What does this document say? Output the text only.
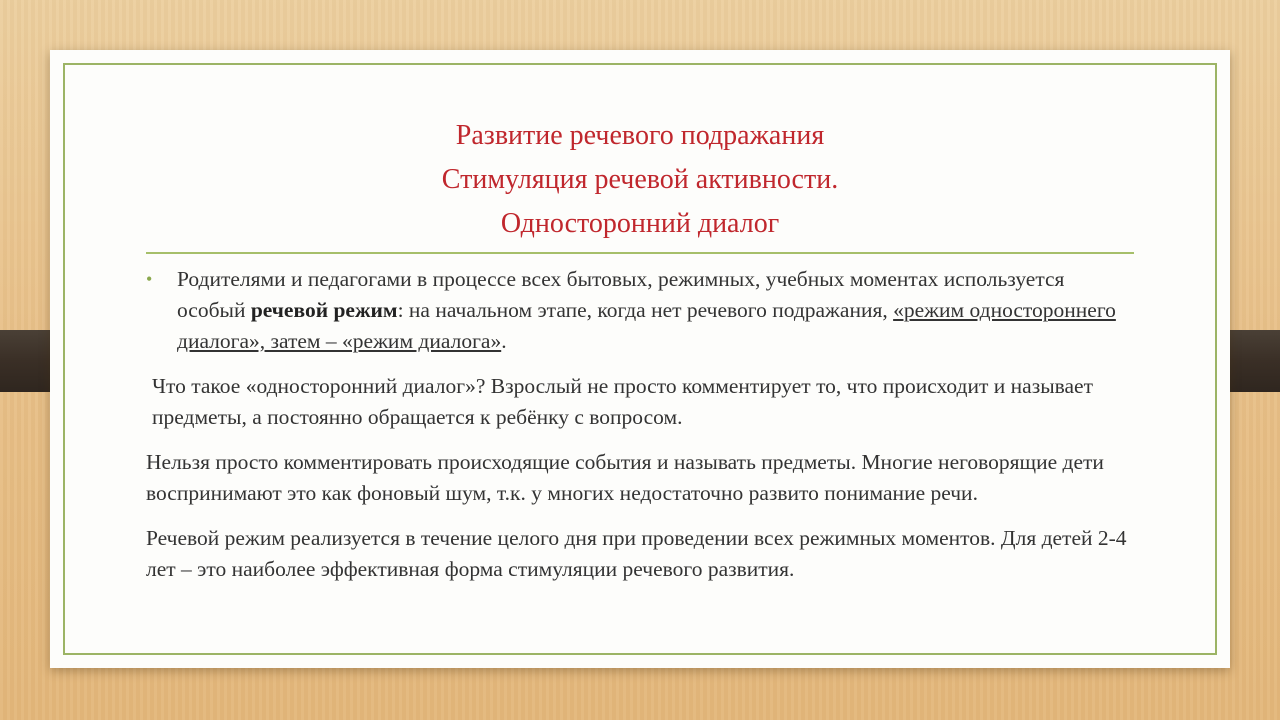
Развитие речевого подражания
Стимуляция речевой активности.
Односторонний диалог
• Родителями и педагогами в процессе всех бытовых, режимных, учебных моментах используется особый речевой режим: на начальном этапе, когда нет речевого подражания, «режим одностороннего диалога», затем – «режим диалога».
Что такое «односторонний диалог»? Взрослый не просто комментирует то, что происходит и называет предметы, а постоянно обращается к ребёнку с вопросом.
Нельзя просто комментировать происходящие события и называть предметы. Многие неговорящие дети воспринимают это как фоновый шум, т.к. у многих недостаточно развито понимание речи.
Речевой режим реализуется в течение целого дня при проведении всех режимных моментов. Для детей 2-4 лет – это наиболее эффективная форма стимуляции речевого развития.
